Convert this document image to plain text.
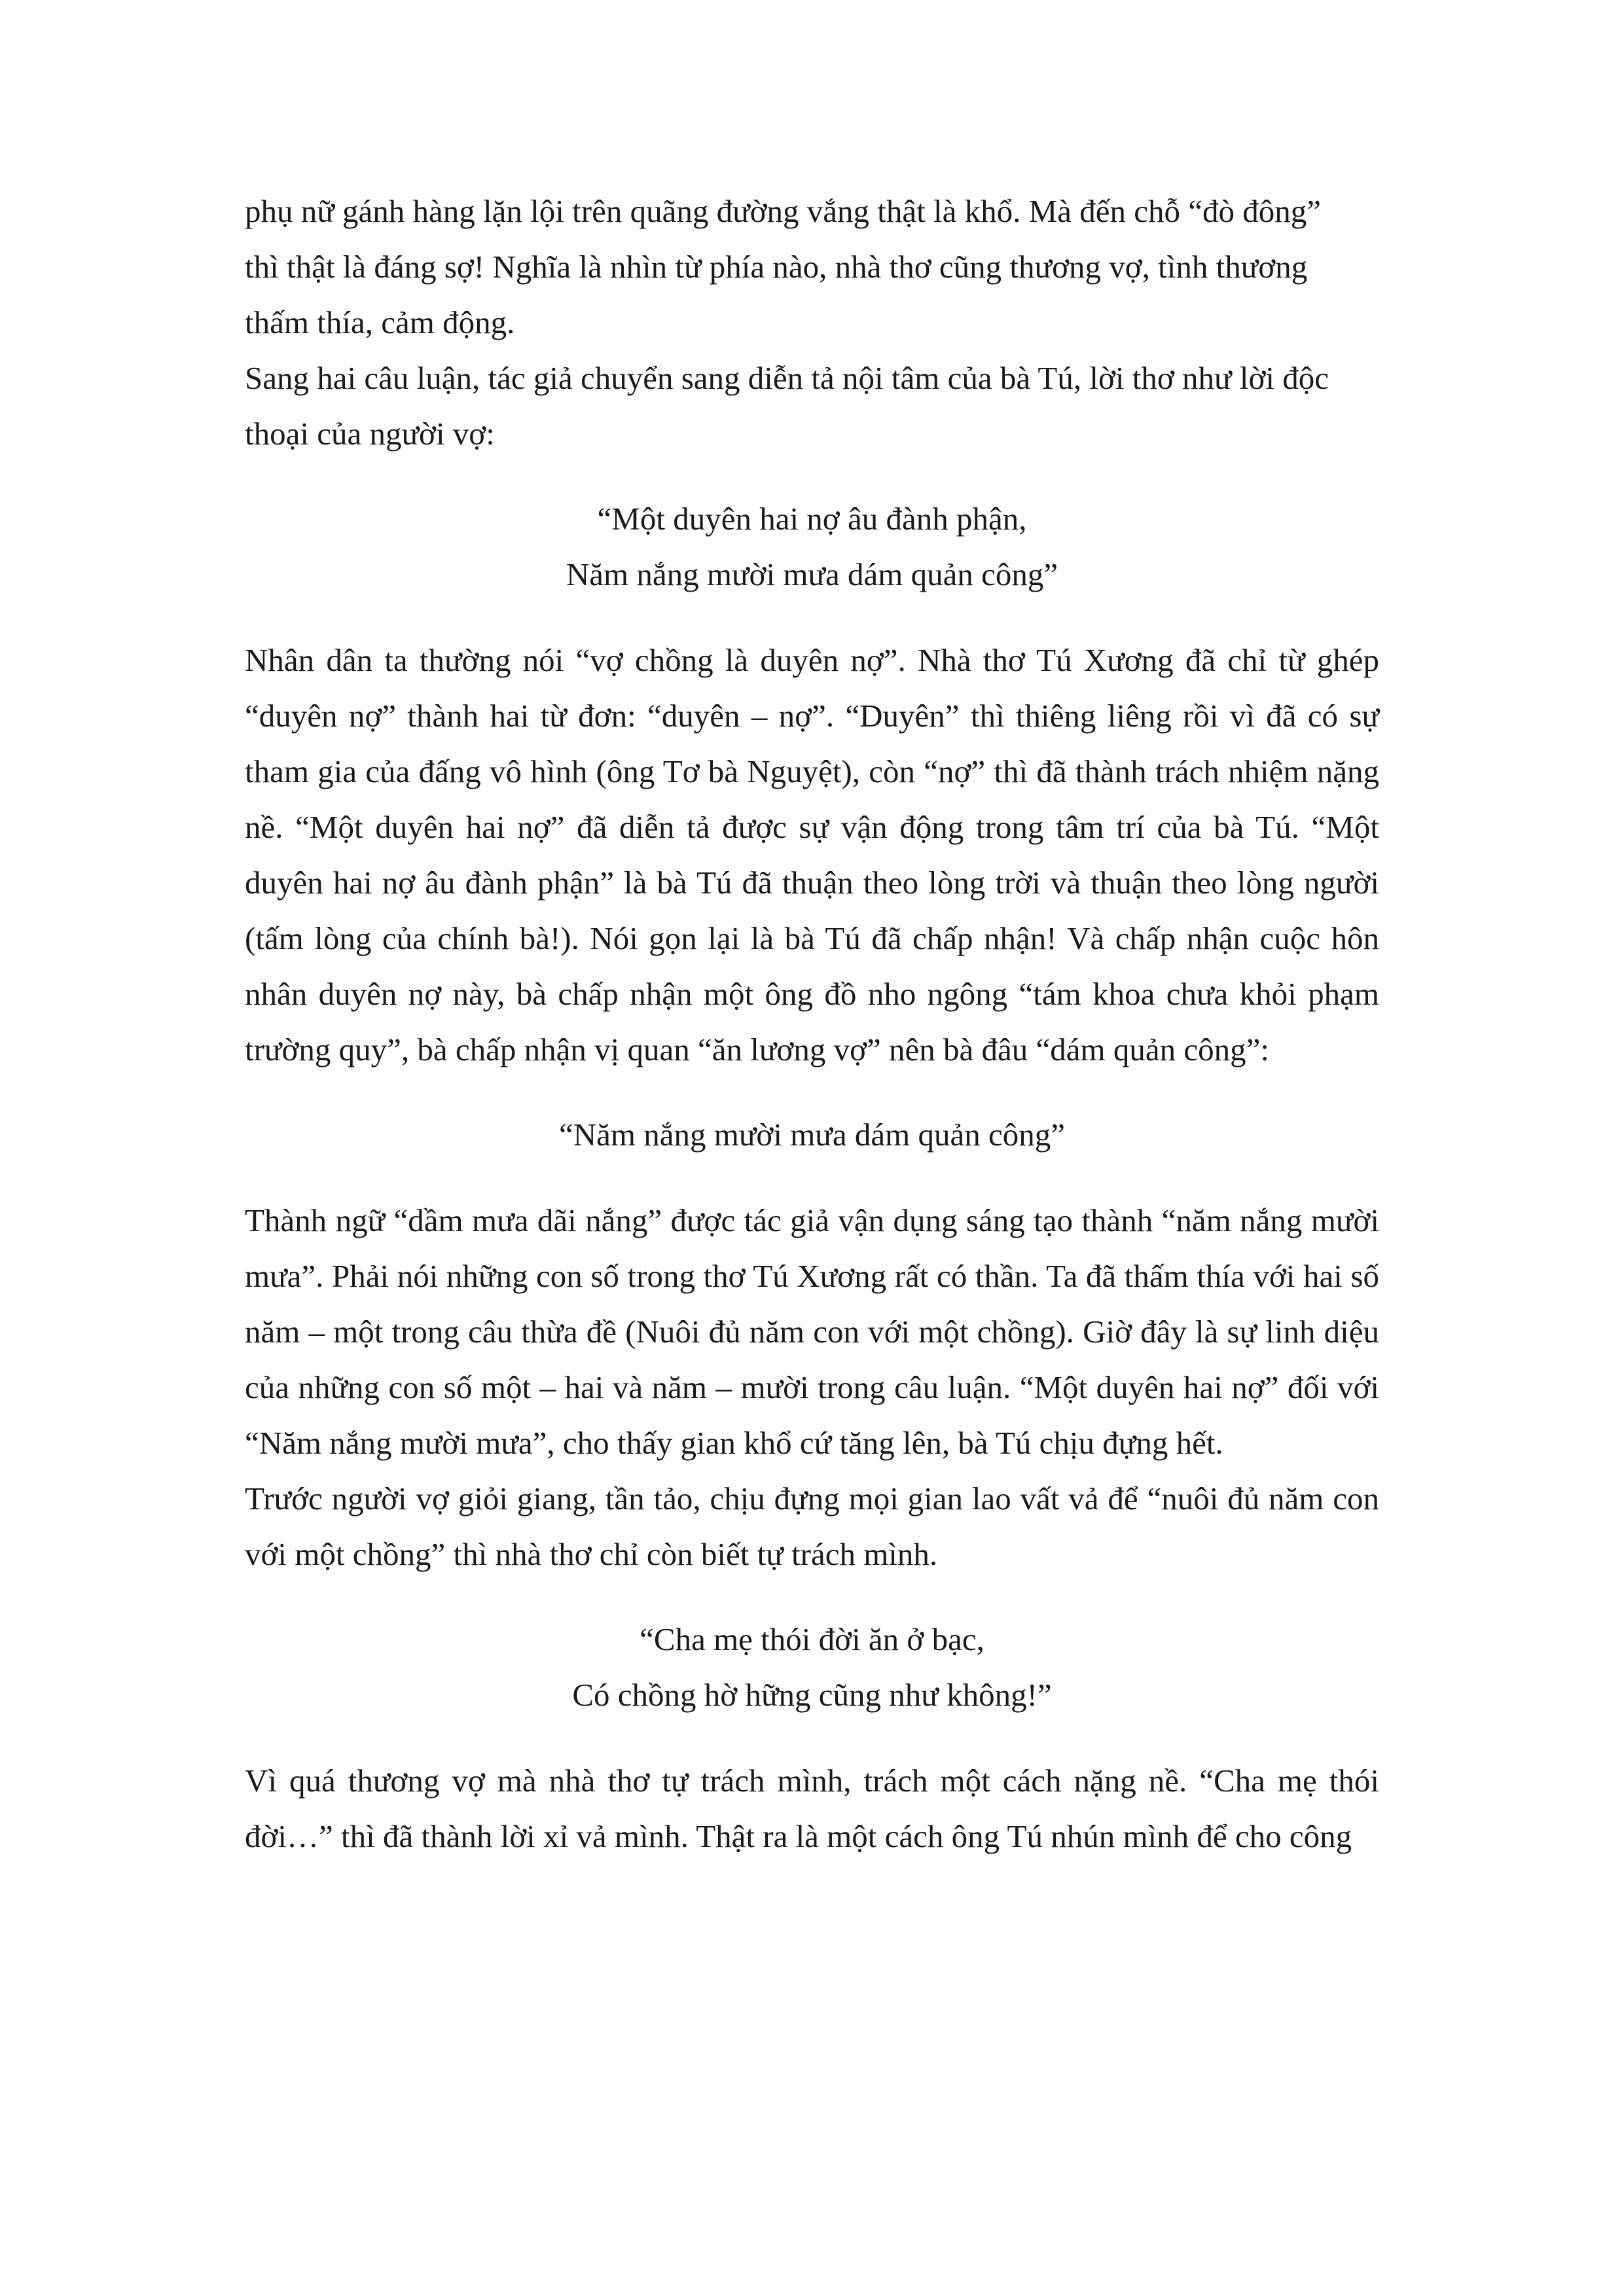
phụ nữ gánh hàng lặn lội trên quãng đường vắng thật là khổ. Mà đến chỗ “đò đông”
thì thật là đáng sợ! Nghĩa là nhìn từ phía nào, nhà thơ cũng thương vợ, tình thương
thấm thía, cảm động.
Sang hai câu luận, tác giả chuyển sang diễn tả nội tâm của bà Tú, lời thơ như lời độc
thoại của người vợ:
“Một duyên hai nợ âu đành phận,
Năm nắng mười mưa dám quản công”

Nhân dân ta thường nói “vợ chồng là duyên nợ”. Nhà thơ Tú Xương đã chỉ từ ghép “duyên nợ” thành hai từ đơn: “duyên – nợ”. “Duyên” thì thiêng liêng rồi vì đã có sự tham gia của đấng vô hình (ông Tơ bà Nguyệt), còn “nợ” thì đã thành trách nhiệm nặng nề. “Một duyên hai nợ” đã diễn tả được sự vận động trong tâm trí của bà Tú. “Một duyên hai nợ âu đành phận” là bà Tú đã thuận theo lòng trời và thuận theo lòng người (tấm lòng của chính bà!). Nói gọn lại là bà Tú đã chấp nhận! Và chấp nhận cuộc hôn nhân duyên nợ này, bà chấp nhận một ông đồ nho ngông “tám khoa chưa khỏi phạm trường quy”, bà chấp nhận vị quan “ăn lương vợ” nên bà đâu “dám quản công”:

“Năm nắng mười mưa dám quản công”

Thành ngữ “dầm mưa dãi nắng” được tác giả vận dụng sáng tạo thành “năm nắng mười mưa”. Phải nói những con số trong thơ Tú Xương rất có thần. Ta đã thấm thía với hai số năm – một trong câu thừa đề (Nuôi đủ năm con với một chồng). Giờ đây là sự linh diệu của những con số một – hai và năm – mười trong câu luận. “Một duyên hai nợ” đối với “Năm nắng mười mưa”, cho thấy gian khổ cứ tăng lên, bà Tú chịu đựng hết.

Trước người vợ giỏi giang, tần tảo, chịu đựng mọi gian lao vất vả để “nuôi đủ năm con với một chồng” thì nhà thơ chỉ còn biết tự trách mình.

“Cha mẹ thói đời ăn ở bạc,
Có chồng hờ hững cũng như không!”

Vì quá thương vợ mà nhà thơ tự trách mình, trách một cách nặng nề. “Cha mẹ thói đời…” thì đã thành lời xỉ vả mình. Thật ra là một cách ông Tú nhún mình để cho công
